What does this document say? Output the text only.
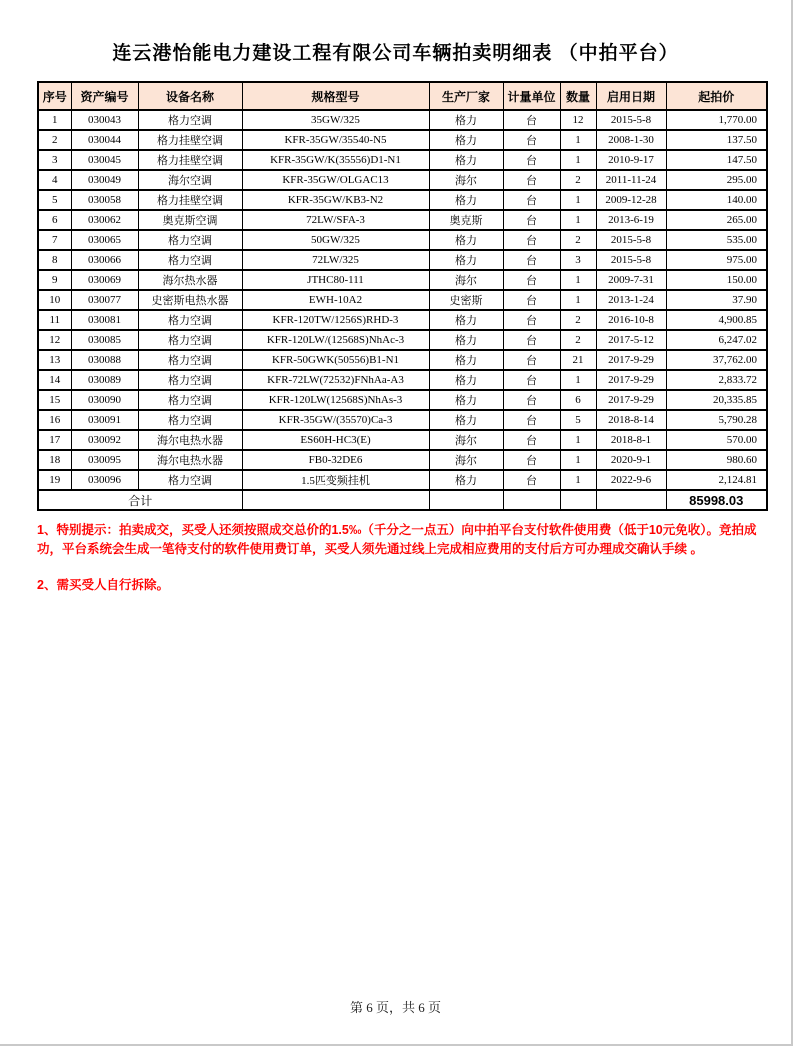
连云港怡能电力建设工程有限公司车辆拍卖明细表 （中拍平台）
序号	资产编号	设备名称	规格型号	生产厂家	计量单位	数量	启用日期	起拍价
1	030043	格力空调	35GW/325	格力	台	12	2015-5-8	1,770.00
2	030044	格力挂壁空调	KFR-35GW/35540-N5	格力	台	1	2008-1-30	137.50
3	030045	格力挂壁空调	KFR-35GW/K(35556)D1-N1	格力	台	1	2010-9-17	147.50
4	030049	海尔空调	KFR-35GW/OLGAC13	海尔	台	2	2011-11-24	295.00
5	030058	格力挂壁空调	KFR-35GW/KB3-N2	格力	台	1	2009-12-28	140.00
6	030062	奥克斯空调	72LW/SFA-3	奥克斯	台	1	2013-6-19	265.00
7	030065	格力空调	50GW/325	格力	台	2	2015-5-8	535.00
8	030066	格力空调	72LW/325	格力	台	3	2015-5-8	975.00
9	030069	海尔热水器	JTHC80-111	海尔	台	1	2009-7-31	150.00
10	030077	史密斯电热水器	EWH-10A2	史密斯	台	1	2013-1-24	37.90
11	030081	格力空调	KFR-120TW/1256S)RHD-3	格力	台	2	2016-10-8	4,900.85
12	030085	格力空调	KFR-120LW/(12568S)NhAc-3	格力	台	2	2017-5-12	6,247.02
13	030088	格力空调	KFR-50GWK(50556)B1-N1	格力	台	21	2017-9-29	37,762.00
14	030089	格力空调	KFR-72LW(72532)FNhAa-A3	格力	台	1	2017-9-29	2,833.72
15	030090	格力空调	KFR-120LW(12568S)NhAs-3	格力	台	6	2017-9-29	20,335.85
16	030091	格力空调	KFR-35GW/(35570)Ca-3	格力	台	5	2018-8-14	5,790.28
17	030092	海尔电热水器	ES60H-HC3(E)	海尔	台	1	2018-8-1	570.00
18	030095	海尔电热水器	FB0-32DE6	海尔	台	1	2020-9-1	980.60
19	030096	格力空调	1.5匹变频挂机	格力	台	1	2022-9-6	2,124.81
合计								85998.03

1、特别提示：拍卖成交，买受人还须按照成交总价的1.5‰（千分之一点五）向中拍平台支付软件使用费（低于10元免收）。竞拍成功，平台系统会生成一笔待支付的软件使用费订单，买受人须先通过线上完成相应费用的支付后方可办理成交确认手续 。

2、需买受人自行拆除。

第 6 页，共 6 页
